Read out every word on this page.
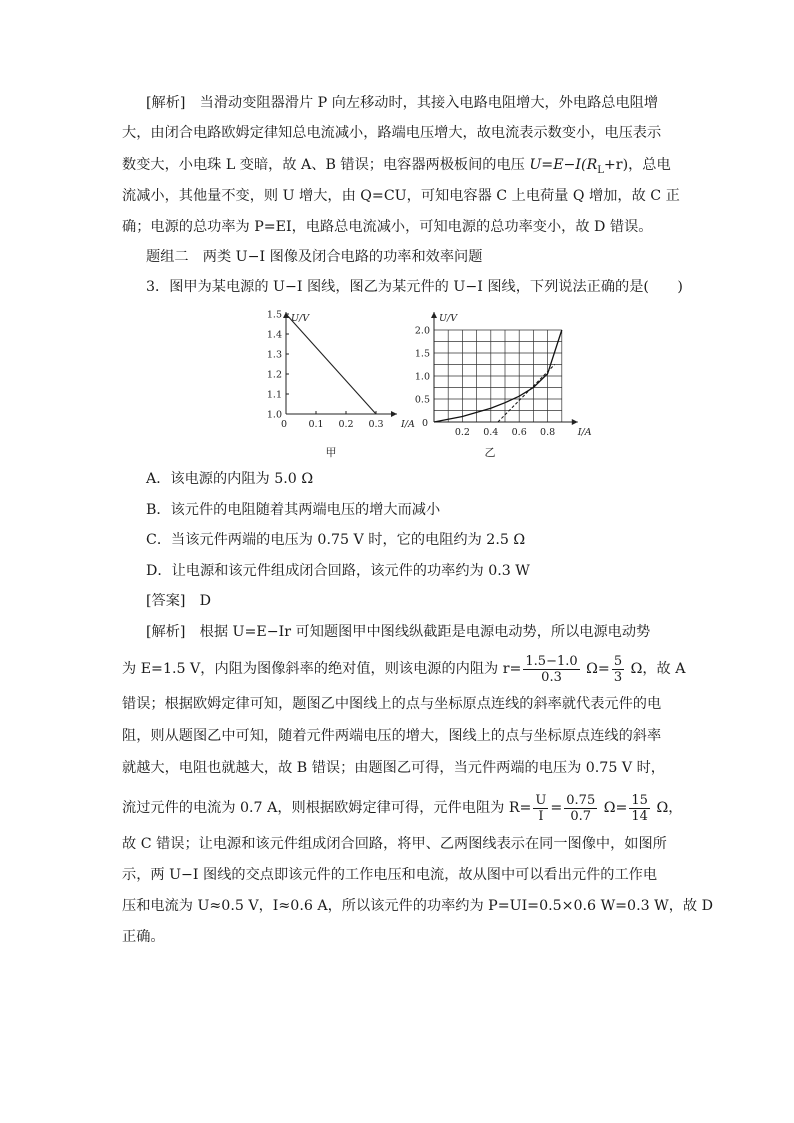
[解析]　当滑动变阻器滑片 P 向左移动时，其接入电路电阻增大，外电路总电阻增
大，由闭合电路欧姆定律知总电流减小，路端电压增大，故电流表示数变小，电压表示
数变大，小电珠 L 变暗，故 A、B 错误；电容器两极板间的电压 $U=E-I(R_L+r)$，总电
流减小，其他量不变，则 U 增大，由 Q=CU，可知电容器 C 上电荷量 Q 增加，故 C 正
确；电源的总功率为 P=EI，电路总电流减小，可知电源的总功率变小，故 D 错误。
题组二　两类 U−I 图像及闭合电路的功率和效率问题
3．图甲为某电源的 U−I 图线，图乙为某元件的 U−I 图线，下列说法正确的是(　　)
0 0.1 0.2 0.3
1.0
1.1
1.2
1.3
1.4
1.5
I/A
U/V
甲
0.2 0.4 0.6 0.8
0
0.5
1.0
1.5
2.0
I/A
U/V
乙
A．该电源的内阻为 5.0 Ω
B．该元件的电阻随着其两端电压的增大而减小
C．当该元件两端的电压为 0.75 V 时，它的电阻约为 2.5 Ω
D．让电源和该元件组成闭合回路，该元件的功率约为 0.3 W
[答案]　D
[解析]　根据 U=E−Ir 可知题图甲中图线纵截距是电源电动势，所以电源电动势
为 E=1.5 V，内阻为图像斜率的绝对值，则该电源的内阻为 $r= \frac{1.5-1.0}{0.3} \Omega= \frac{5}{3}$ Ω，故 A
错误；根据欧姆定律可知，题图乙中图线上的点与坐标原点连线的斜率就代表元件的电
阻，则从题图乙中可知，随着元件两端电压的增大，图线上的点与坐标原点连线的斜率
就越大，电阻也就越大，故 B 错误；由题图乙可得，当元件两端的电压为 0.75 V 时，
流过元件的电流为 0.7 A，则根据欧姆定律可得，元件电阻为 $R= \frac{U}{I} = \frac{0.75}{0.7} \Omega= \frac{15}{14}$ Ω，
故 C 错误；让电源和该元件组成闭合回路，将甲、乙两图线表示在同一图像中，如图所
示，两 U−I 图线的交点即该元件的工作电压和电流，故从图中可以看出元件的工作电
压和电流为 U≈0.5 V，I≈0.6 A，所以该元件的功率约为 P=UI=0.5×0.6 W=0.3 W，故 D
正确。
